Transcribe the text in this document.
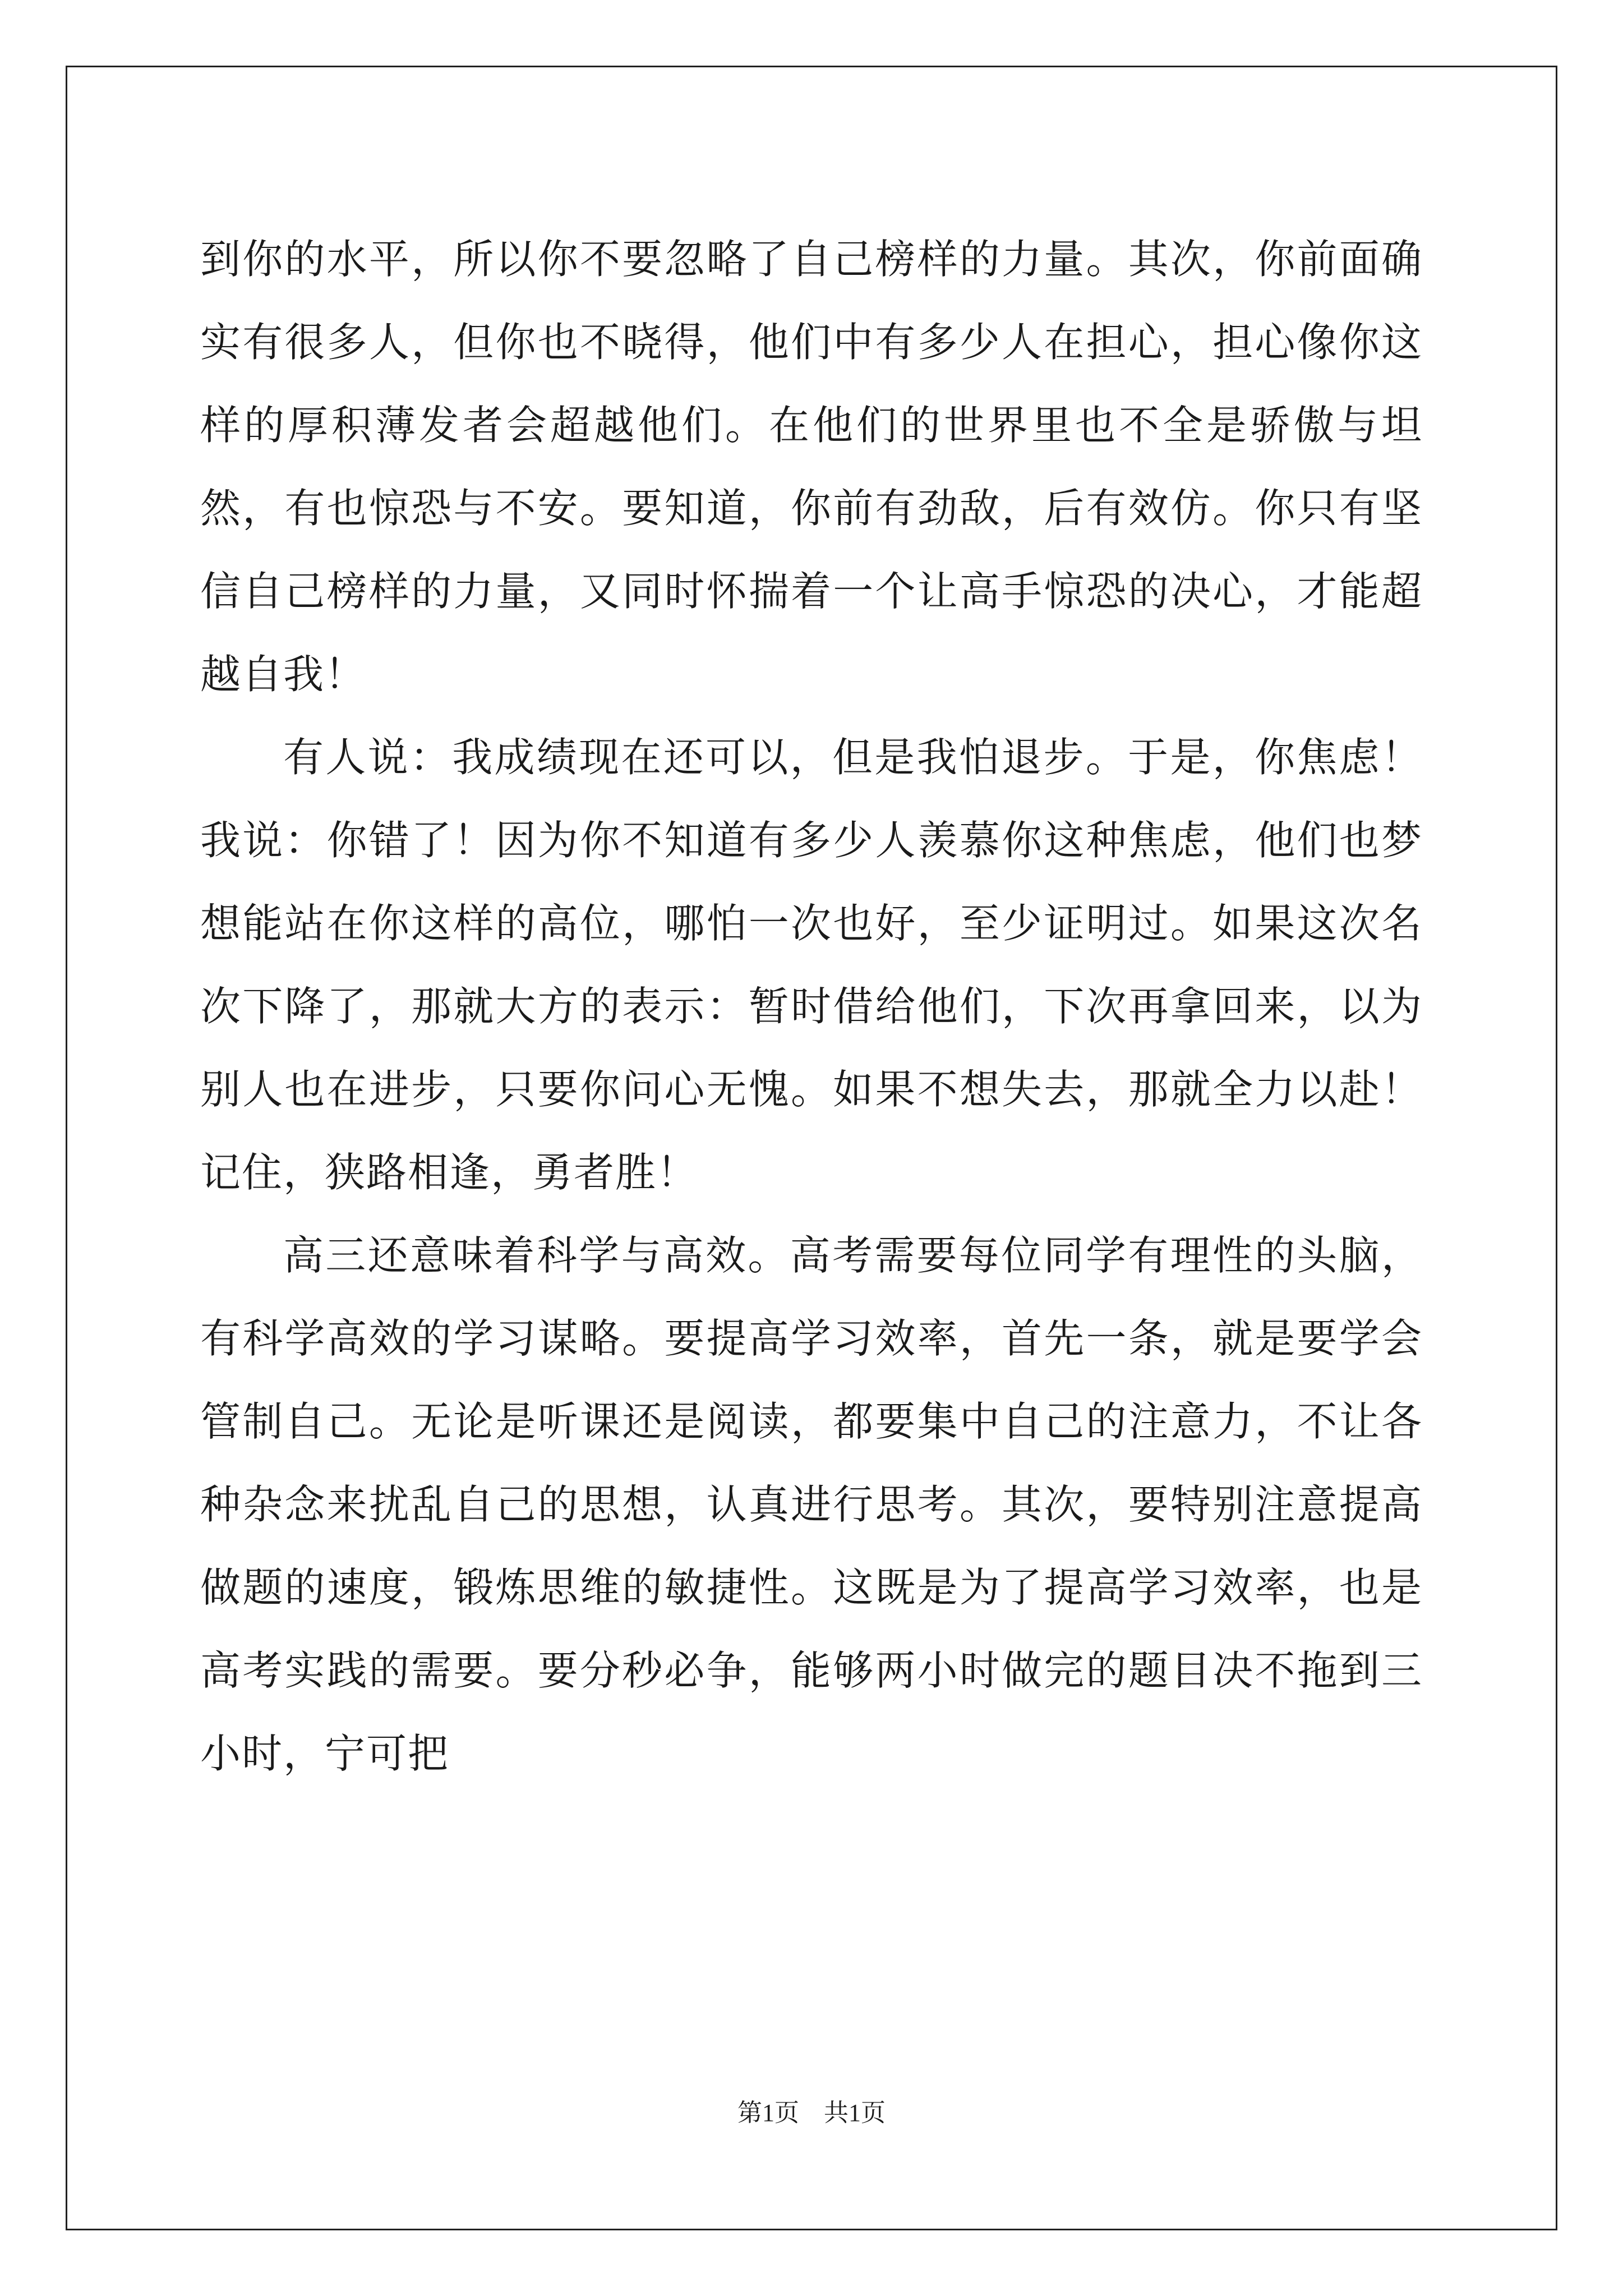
到你的水平，所以你不要忽略了自己榜样的力量。其次，你前面确实有很多人，但你也不晓得，他们中有多少人在担心，担心像你这样的厚积薄发者会超越他们。在他们的世界里也不全是骄傲与坦然，有也惊恐与不安。要知道，你前有劲敌，后有效仿。你只有坚信自己榜样的力量，又同时怀揣着一个让高手惊恐的决心，才能超越自我！

有人说：我成绩现在还可以，但是我怕退步。于是，你焦虑！我说：你错了！因为你不知道有多少人羡慕你这种焦虑，他们也梦想能站在你这样的高位，哪怕一次也好，至少证明过。如果这次名次下降了，那就大方的表示：暂时借给他们，下次再拿回来，以为别人也在进步，只要你问心无愧。如果不想失去，那就全力以赴！记住，狭路相逢，勇者胜！

高三还意味着科学与高效。高考需要每位同学有理性的头脑，有科学高效的学习谋略。要提高学习效率，首先一条，就是要学会管制自己。无论是听课还是阅读，都要集中自己的注意力，不让各种杂念来扰乱自己的思想，认真进行思考。其次，要特别注意提高做题的速度，锻炼思维的敏捷性。这既是为了提高学习效率，也是高考实践的需要。要分秒必争，能够两小时做完的题目决不拖到三小时，宁可把

第1页　共1页
